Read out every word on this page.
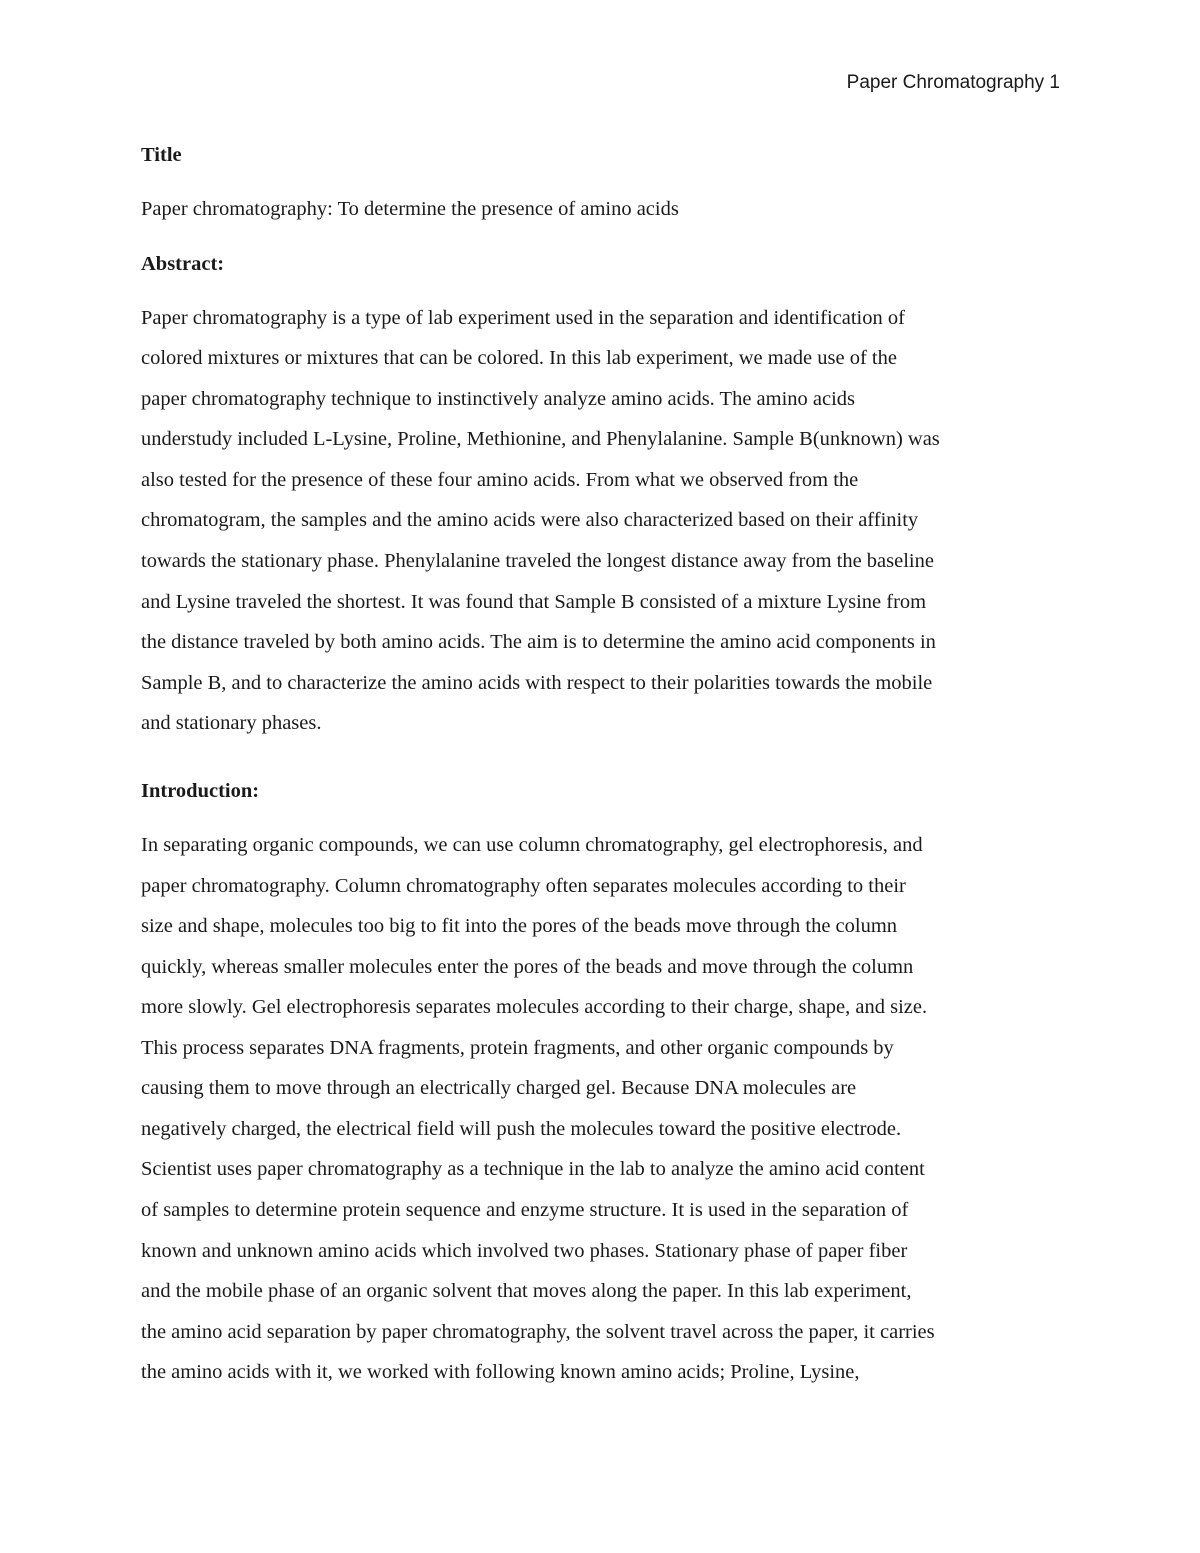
Paper Chromatography 1
Title
Paper chromatography: To determine the presence of amino acids
Abstract:
Paper chromatography is a type of lab experiment used in the separation and identification of
colored mixtures or mixtures that can be colored. In this lab experiment, we made use of the
paper chromatography technique to instinctively analyze amino acids. The amino acids
understudy included L-Lysine, Proline, Methionine, and Phenylalanine. Sample B(unknown) was
also tested for the presence of these four amino acids. From what we observed from the
chromatogram, the samples and the amino acids were also characterized based on their affinity
towards the stationary phase. Phenylalanine traveled the longest distance away from the baseline
and Lysine traveled the shortest. It was found that Sample B consisted of a mixture Lysine from
the distance traveled by both amino acids. The aim is to determine the amino acid components in
Sample B, and to characterize the amino acids with respect to their polarities towards the mobile
and stationary phases.
Introduction:
In separating organic compounds, we can use column chromatography, gel electrophoresis, and
paper chromatography. Column chromatography often separates molecules according to their
size and shape, molecules too big to fit into the pores of the beads move through the column
quickly, whereas smaller molecules enter the pores of the beads and move through the column
more slowly. Gel electrophoresis separates molecules according to their charge, shape, and size.
This process separates DNA fragments, protein fragments, and other organic compounds by
causing them to move through an electrically charged gel. Because DNA molecules are
negatively charged, the electrical field will push the molecules toward the positive electrode.
Scientist uses paper chromatography as a technique in the lab to analyze the amino acid content
of samples to determine protein sequence and enzyme structure. It is used in the separation of
known and unknown amino acids which involved two phases. Stationary phase of paper fiber
and the mobile phase of an organic solvent that moves along the paper. In this lab experiment,
the amino acid separation by paper chromatography, the solvent travel across the paper, it carries
the amino acids with it, we worked with following known amino acids; Proline, Lysine,
